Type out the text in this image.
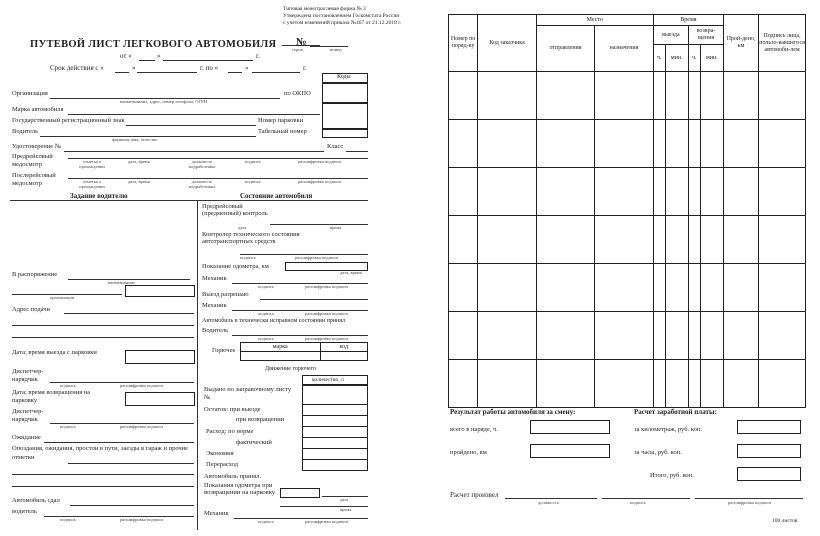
Типовая межотраслевая форма № 3
Утверждена постановлением Госкомстата России
с учетом изменений приказа №467 от 21.12.2018 г.
ПУТЕВОЙ ЛИСТ ЛЕГКОВОГО АВТОМОБИЛЯ №
от «	»	г.
серия	номер
Срок действия с «	»	г. по «	»	г.
Коды
Организация
наименование, адрес, номер телефона, ОГРН
по ОКПО
Марка автомобиля
Государственный регистрационный знак	Номер парковки
Водитель
фамилия, имя, отчество
Табельный номер
Удостоверение №	Класс
Предрейсовый медосмотр	отметка о прохождении
дата, время	должность медработника
подпись	расшифровка подписи
Послерейсовый медосмотр	отметка о прохождении
дата, время	должность медработника
подпись	расшифровка подписи
Задание водителю	Состояние автомобиля
Предрейсовый (предменный) контроль
дата	время
Контролер технического состояния автотранспортных средств
подпись	расшифровка подписи
Показание одометра, км
дата, время
Механик
подпись	расшифровка подписи
Выезд разрешаю
Механик
подпись	расшифровка подписи
Автомобиль в технически исправном состоянии принял
Водитель
подпись	расшифровка подписи
Горючее
марка	код

Движение горючего
количество, л
Выдано по заправочному листу №
Остаток: при выезде
при возвращении
Расход: по норме
фактический
Экономия
Перерасход

Автомобиль принял.
Показания одометра при возвращении на парковку
дата
время
Механик
подпись	расшифровка подписи
В распоряжение
наименование
организации
Адрес подачи
Дата; время выезда с парковки
Диспетчер-нарядчик
подпись	расшифровка подписи
Дата; время возвращения на парковку
Диспетчер-нарядчик
подпись	расшифровка подписи
Ожидание
Опоздания, ожидания, простои в пути, заезды в гараж и прочие отметки
Автомобиль сдал
водитель
подпись	расшифровка подписи
Номер по поряд-ку	Код заказчика	Место		Время				Прой-дено, км	Подпись лица, пользо-вавшегося автомоби-лем
		отправления	назначения	выезда		возвра-щения			
				ч.	мин.	ч.	мин.		

Результат работы автомобиля за смену:	Расчет заработной платы:
всего в наряде, ч.
пройдено, км
за километраж, руб. коп.
за часы, руб. коп.
Итого, руб. коп.
Расчет произвел
должность	подпись	расшифровка подписи
100 листов
